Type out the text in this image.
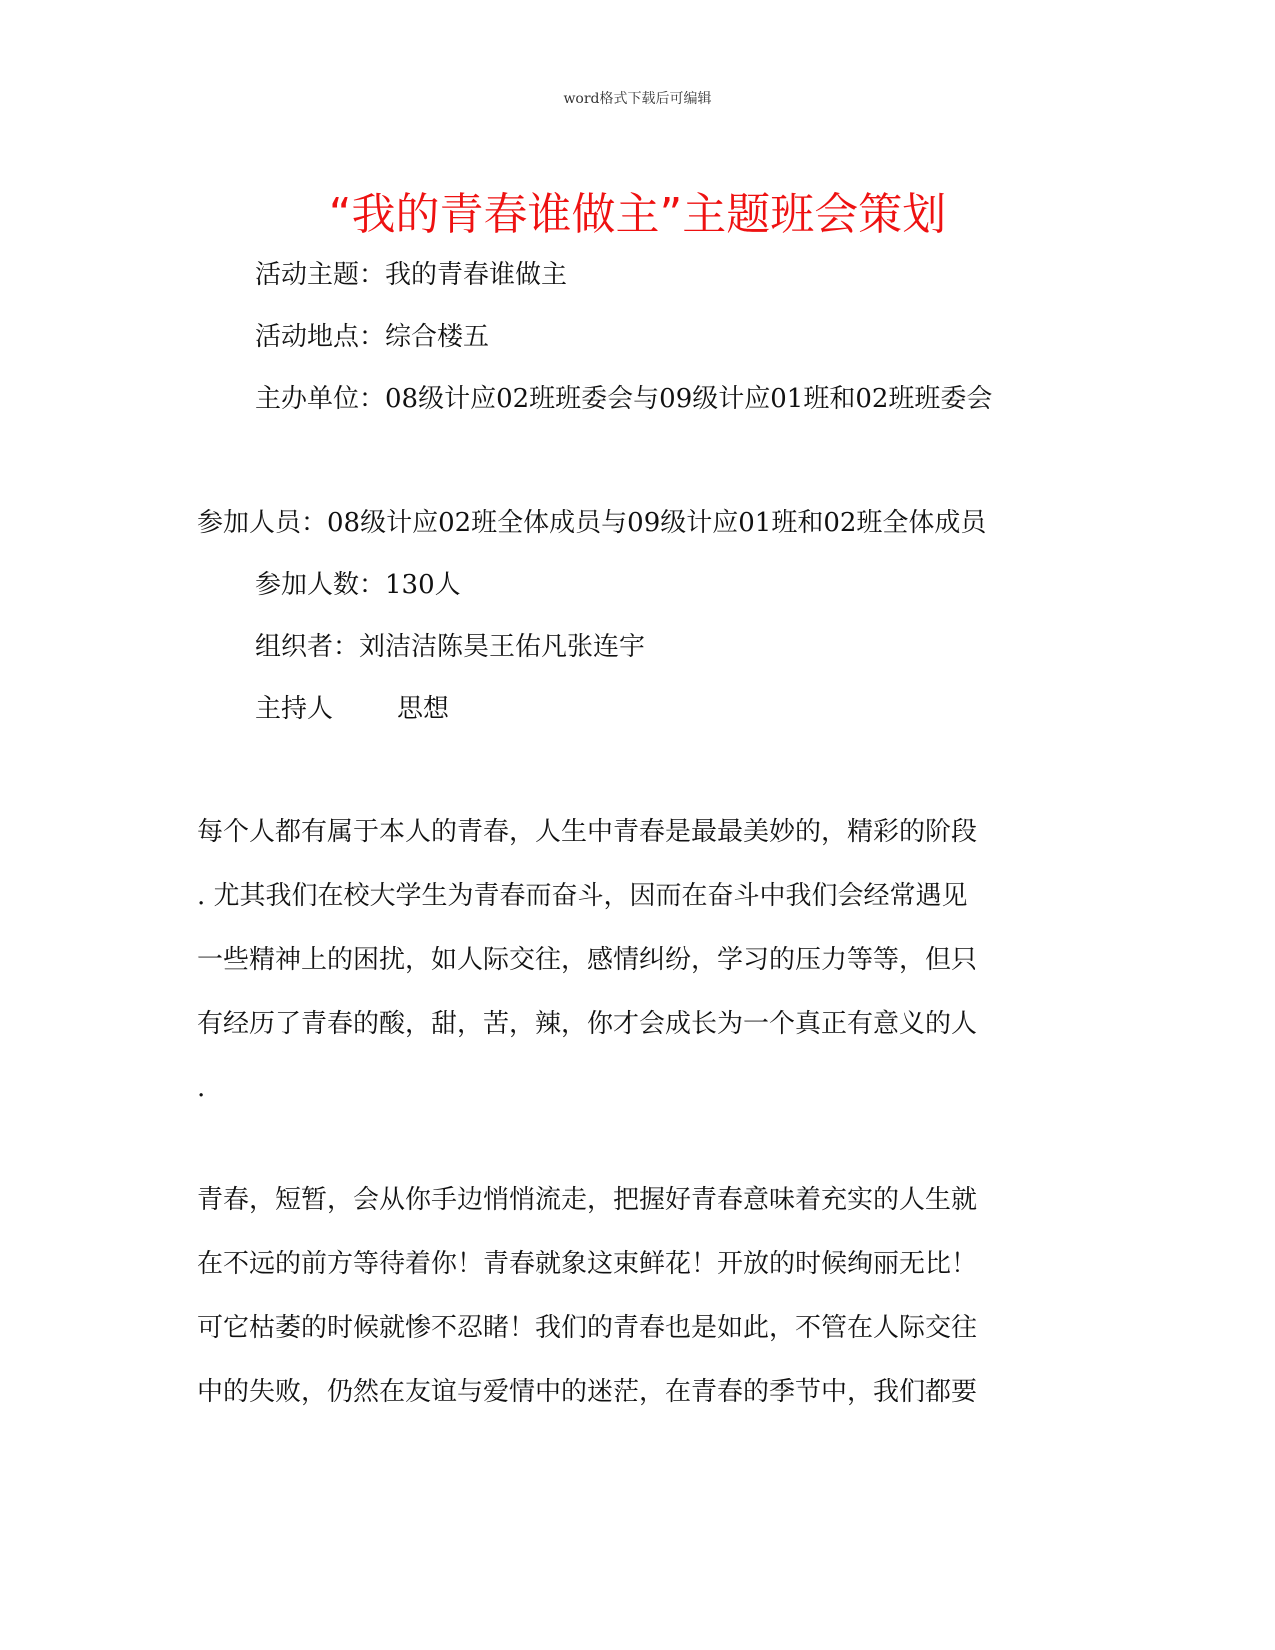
word格式下载后可编辑
“我的青春谁做主”主题班会策划
活动主题：我的青春谁做主
活动地点：综合楼五
主办单位：08级计应02班班委会与09级计应01班和02班班委会
参加人员：08级计应02班全体成员与09级计应01班和02班全体成员
参加人数：130人
组织者：刘洁洁陈昊王佑凡张连宇
主持人 思想
每个人都有属于本人的青春，人生中青春是最最美妙的，精彩的阶段
. 尤其我们在校大学生为青春而奋斗，因而在奋斗中我们会经常遇见
一些精神上的困扰，如人际交往，感情纠纷，学习的压力等等，但只
有经历了青春的酸，甜，苦，辣，你才会成长为一个真正有意义的人
.
青春，短暂，会从你手边悄悄流走，把握好青春意味着充实的人生就
在不远的前方等待着你！青春就象这束鲜花！开放的时候绚丽无比！
可它枯萎的时候就惨不忍睹！我们的青春也是如此，不管在人际交往
中的失败，仍然在友谊与爱情中的迷茫，在青春的季节中，我们都要
